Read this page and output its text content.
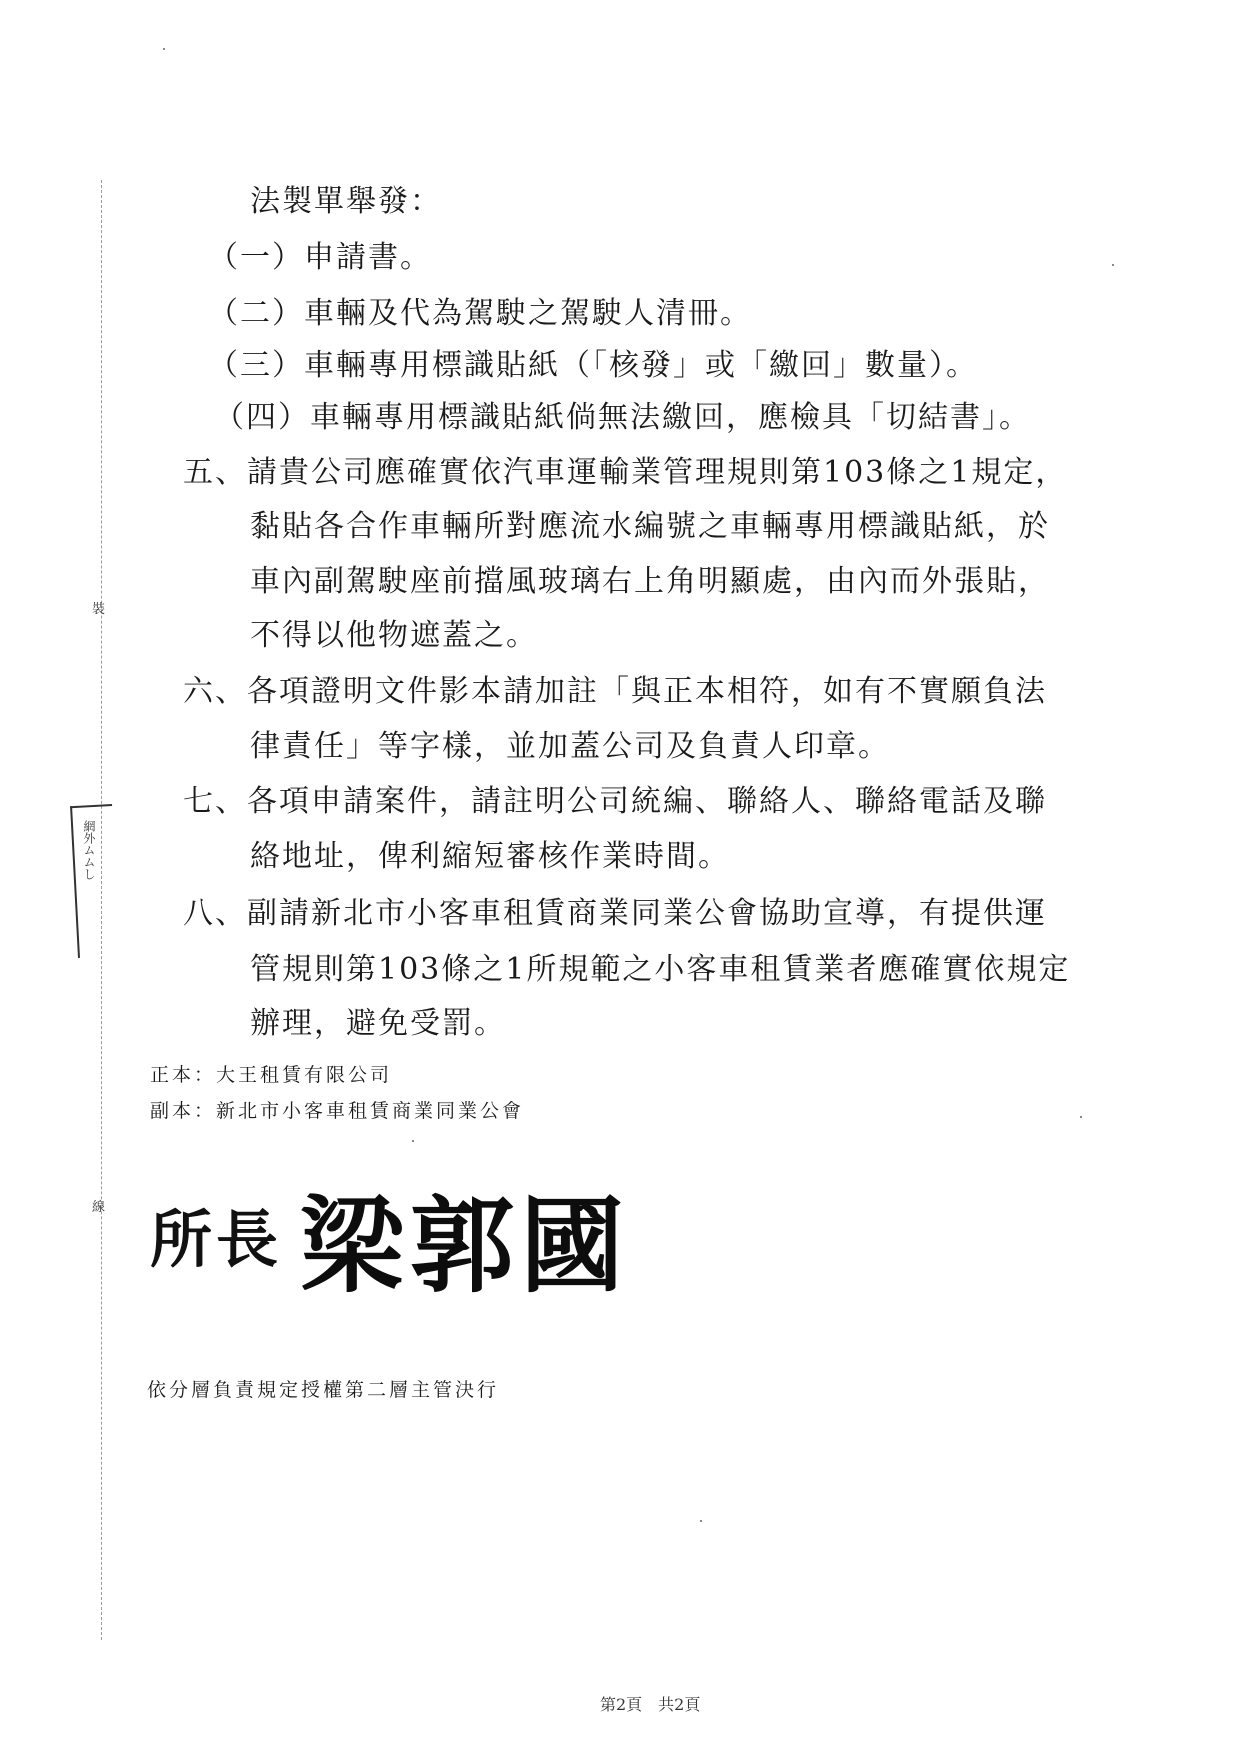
裝
線
網外ムムし
法製單舉發：
（一）申請書。
（二）車輛及代為駕駛之駕駛人清冊。
（三）車輛專用標識貼紙（「核發」或「繳回」數量）。
（四）車輛專用標識貼紙倘無法繳回，應檢具「切結書」。
五、請貴公司應確實依汽車運輸業管理規則第103條之1規定，
黏貼各合作車輛所對應流水編號之車輛專用標識貼紙，於
車內副駕駛座前擋風玻璃右上角明顯處，由內而外張貼，
不得以他物遮蓋之。
六、各項證明文件影本請加註「與正本相符，如有不實願負法
律責任」等字樣，並加蓋公司及負責人印章。
七、各項申請案件，請註明公司統編、聯絡人、聯絡電話及聯
絡地址，俾利縮短審核作業時間。
八、副請新北市小客車租賃商業同業公會協助宣導，有提供運
管規則第103條之1所規範之小客車租賃業者應確實依規定
辦理，避免受罰。
正本：大王租賃有限公司
副本：新北市小客車租賃商業同業公會
所長 梁郭國
依分層負責規定授權第二層主管決行
第2頁　共2頁
